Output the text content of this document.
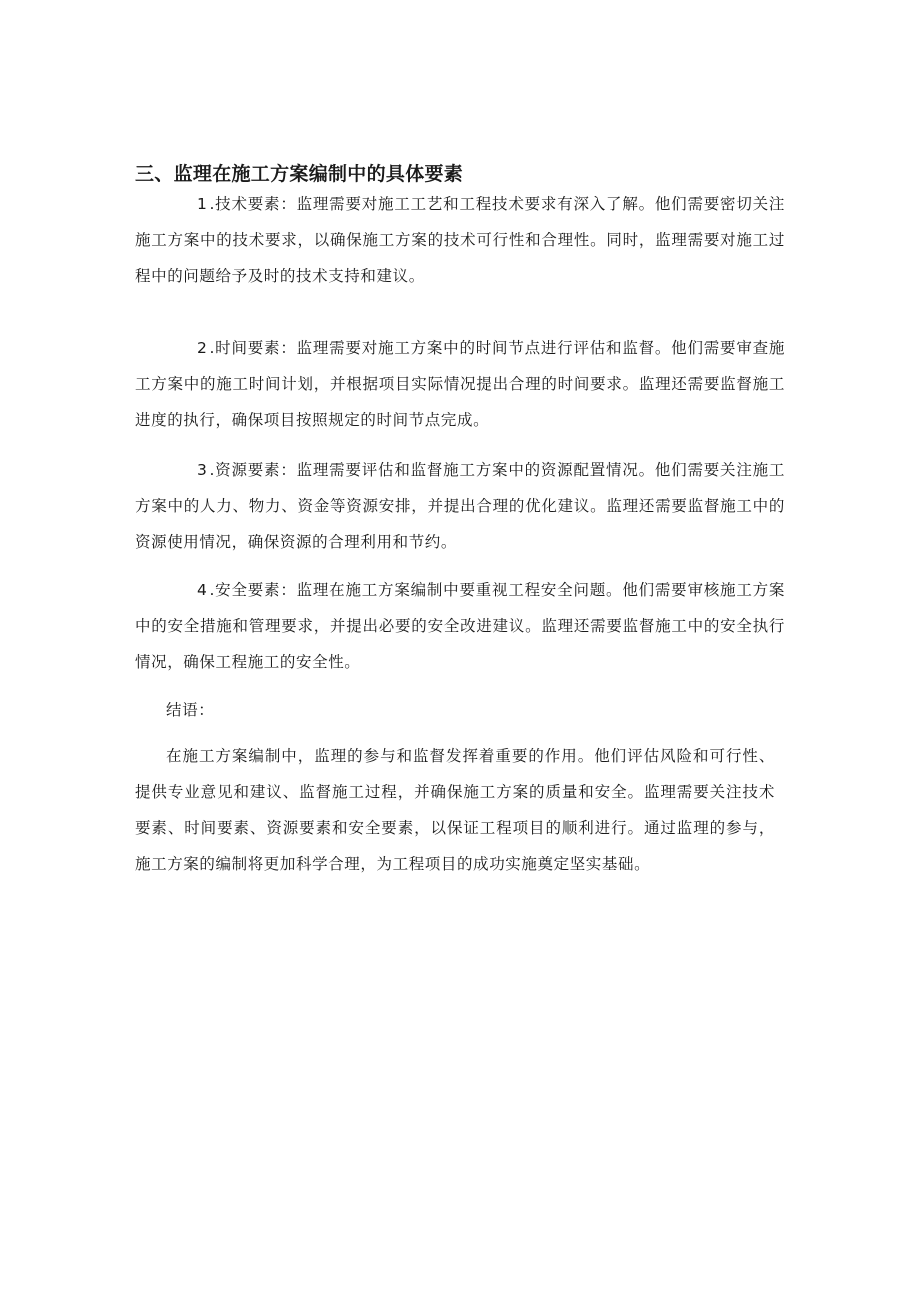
三、监理在施工方案编制中的具体要素

1 .技术要素：监理需要对施工工艺和工程技术要求有深入了解。他们需要密切关注施工方案中的技术要求，以确保施工方案的技术可行性和合理性。同时，监理需要对施工过程中的问题给予及时的技术支持和建议。

2 .时间要素：监理需要对施工方案中的时间节点进行评估和监督。他们需要审查施工方案中的施工时间计划，并根据项目实际情况提出合理的时间要求。监理还需要监督施工进度的执行，确保项目按照规定的时间节点完成。

3 .资源要素：监理需要评估和监督施工方案中的资源配置情况。他们需要关注施工方案中的人力、物力、资金等资源安排，并提出合理的优化建议。监理还需要监督施工中的资源使用情况，确保资源的合理利用和节约。

4 .安全要素：监理在施工方案编制中要重视工程安全问题。他们需要审核施工方案中的安全措施和管理要求，并提出必要的安全改进建议。监理还需要监督施工中的安全执行情况，确保工程施工的安全性。

结语：

在施工方案编制中，监理的参与和监督发挥着重要的作用。他们评估风险和可行性、提供专业意见和建议、监督施工过程，并确保施工方案的质量和安全。监理需要关注技术要素、时间要素、资源要素和安全要素，以保证工程项目的顺利进行。通过监理的参与，施工方案的编制将更加科学合理，为工程项目的成功实施奠定坚实基础。
